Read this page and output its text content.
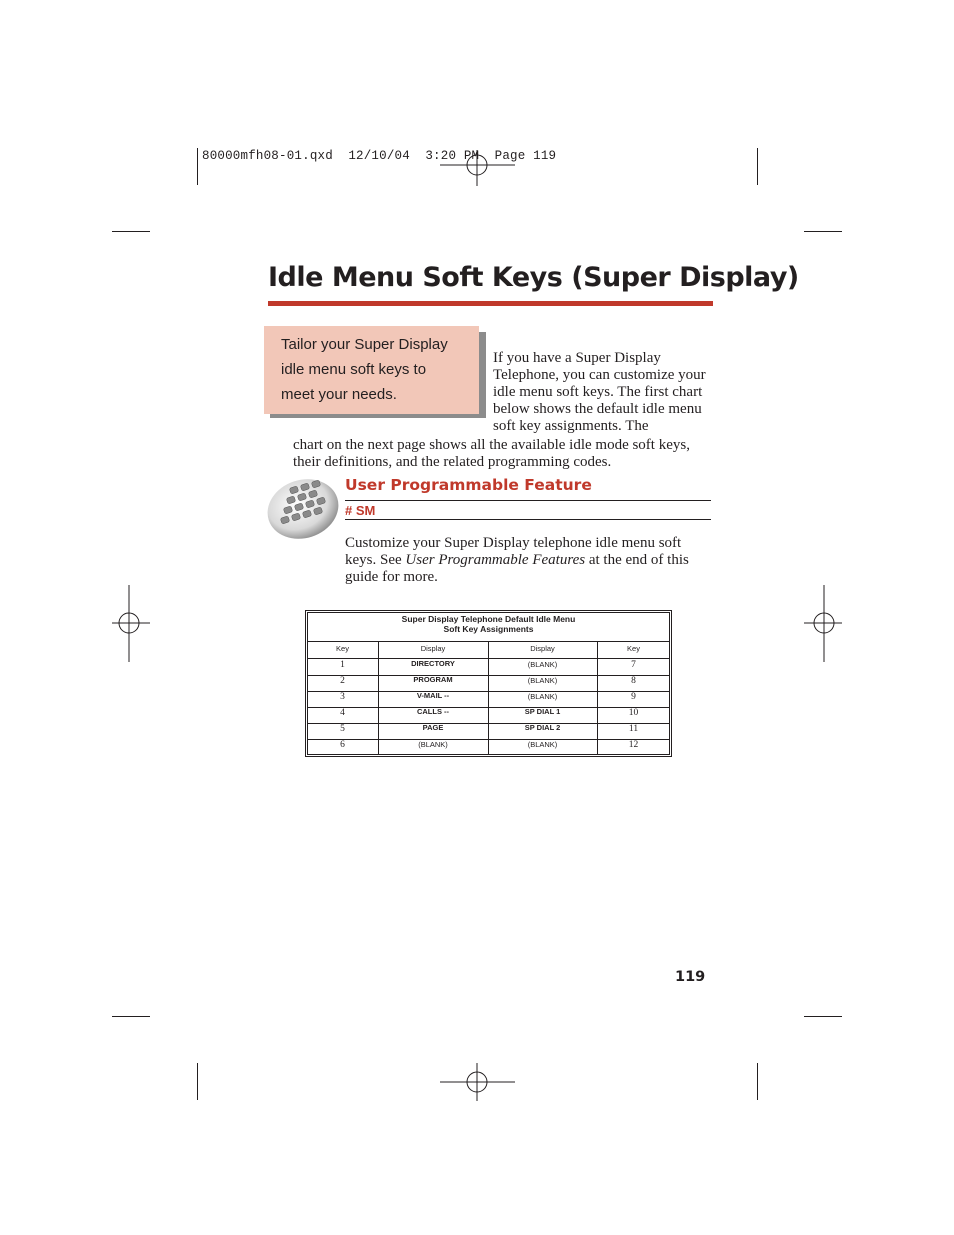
80000mfh08-01.qxd  12/10/04  3:20 PM  Page 119
Idle Menu Soft Keys (Super Display)
Tailor your Super Display
idle menu soft keys to
meet your needs.
If you have a Super Display Telephone, you can customize your idle menu soft keys. The first chart below shows the default idle menu soft key assignments. The
chart on the next page shows all the available idle mode soft keys, their definitions, and the related programming codes.
User Programmable Feature
# SM

Customize your Super Display telephone idle menu soft keys. See User Programmable Features at the end of this guide for more.
Super Display Telephone Default Idle Menu
Soft Key Assignments
Key	Display	Display	Key
1	DIRECTORY	(BLANK)	7
2	PROGRAM	(BLANK)	8
3	V-MAIL --	(BLANK)	9
4	CALLS --	SP DIAL 1	10
5	PAGE	SP DIAL 2	11
6	(BLANK)	(BLANK)	12
119
